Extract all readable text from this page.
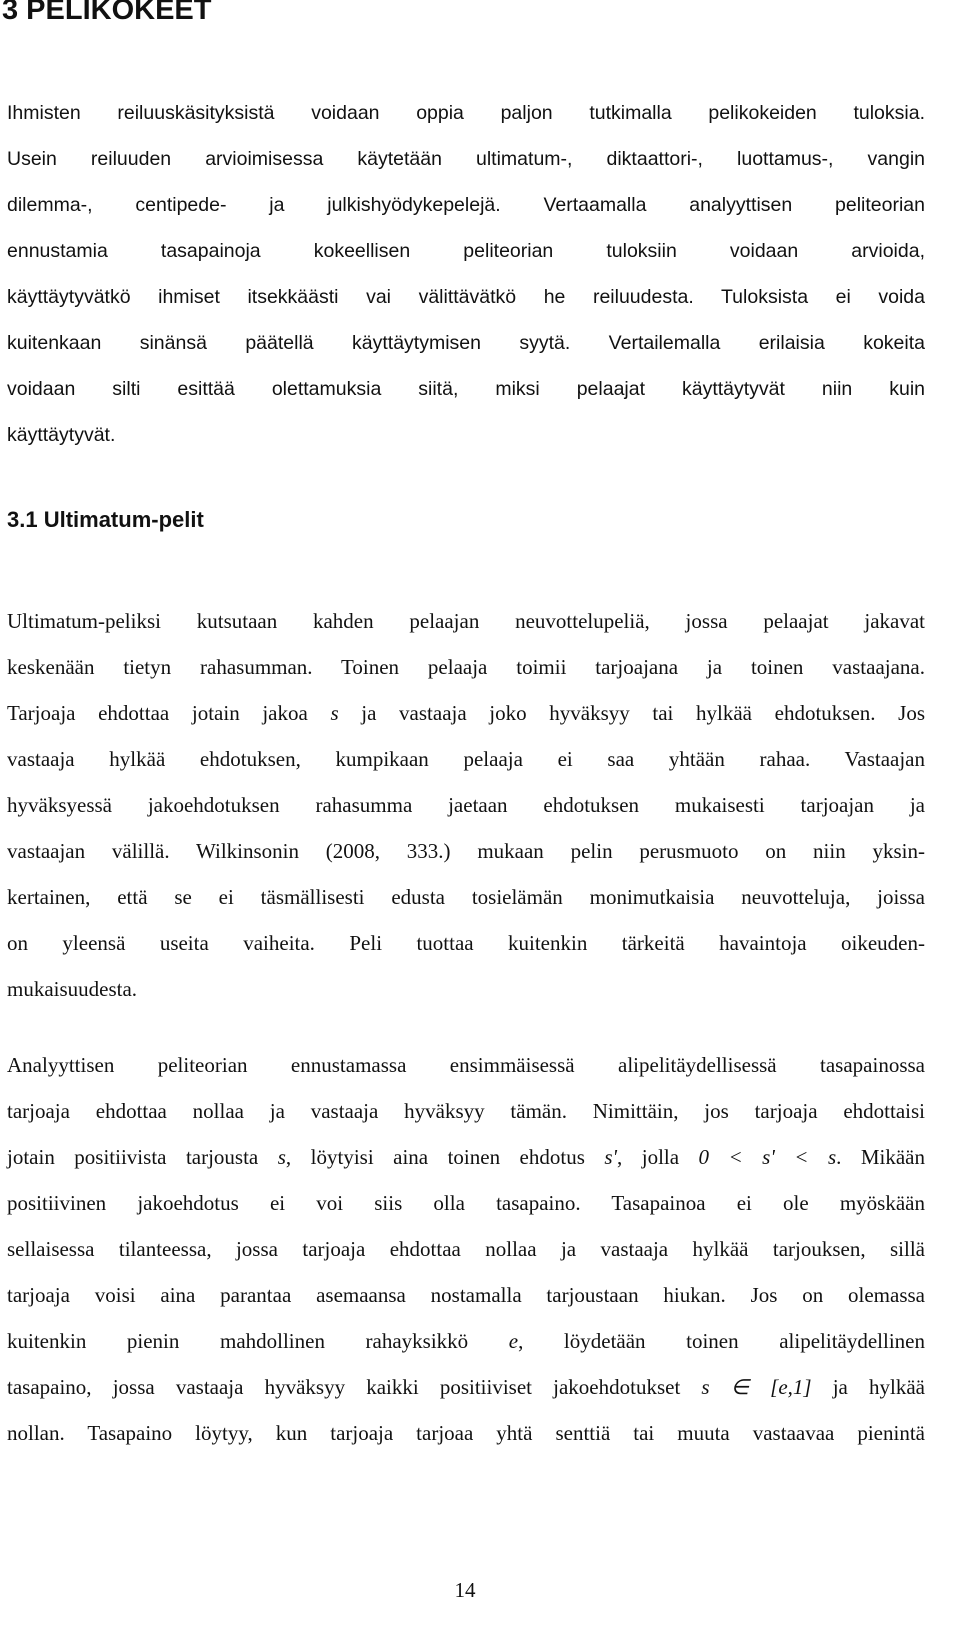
3 PELIKOKEET
Ihmisten reiluuskäsityksistä voidaan oppia paljon tutkimalla pelikokeiden tuloksia.
Usein reiluuden arvioimisessa käytetään ultimatum-, diktaattori-, luottamus-, vangin
dilemma-, centipede- ja julkishyödykepelejä. Vertaamalla analyyttisen peliteorian
ennustamia tasapainoja kokeellisen peliteorian tuloksiin voidaan arvioida,
käyttäytyvätkö ihmiset itsekkäästi vai välittävätkö he reiluudesta. Tuloksista ei voida
kuitenkaan sinänsä päätellä käyttäytymisen syytä. Vertailemalla erilaisia kokeita
voidaan silti esittää olettamuksia siitä, miksi pelaajat käyttäytyvät niin kuin
käyttäytyvät.
3.1 Ultimatum-pelit
Ultimatum-peliksi kutsutaan kahden pelaajan neuvottelupeliä, jossa pelaajat jakavat
keskenään tietyn rahasumman. Toinen pelaaja toimii tarjoajana ja toinen vastaajana.
Tarjoaja ehdottaa jotain jakoa s ja vastaaja joko hyväksyy tai hylkää ehdotuksen. Jos
vastaaja hylkää ehdotuksen, kumpikaan pelaaja ei saa yhtään rahaa. Vastaajan
hyväksyessä jakoehdotuksen rahasumma jaetaan ehdotuksen mukaisesti tarjoajan ja
vastaajan välillä. Wilkinsonin (2008, 333.) mukaan pelin perusmuoto on niin yksin-
kertainen, että se ei täsmällisesti edusta tosielämän monimutkaisia neuvotteluja, joissa
on yleensä useita vaiheita. Peli tuottaa kuitenkin tärkeitä havaintoja oikeuden-
mukaisuudesta.
Analyyttisen peliteorian ennustamassa ensimmäisessä alipelitäydellisessä tasapainossa
tarjoaja ehdottaa nollaa ja vastaaja hyväksyy tämän. Nimittäin, jos tarjoaja ehdottaisi
jotain positiivista tarjousta s, löytyisi aina toinen ehdotus s', jolla 0 < s' < s. Mikään
positiivinen jakoehdotus ei voi siis olla tasapaino. Tasapainoa ei ole myöskään
sellaisessa tilanteessa, jossa tarjoaja ehdottaa nollaa ja vastaaja hylkää tarjouksen, sillä
tarjoaja voisi aina parantaa asemaansa nostamalla tarjoustaan hiukan. Jos on olemassa
kuitenkin pienin mahdollinen rahayksikkö e, löydetään toinen alipelitäydellinen
tasapaino, jossa vastaaja hyväksyy kaikki positiiviset jakoehdotukset s ∈ [e,1] ja hylkää
nollan. Tasapaino löytyy, kun tarjoaja tarjoaa yhtä senttiä tai muuta vastaavaa pienintä
14
